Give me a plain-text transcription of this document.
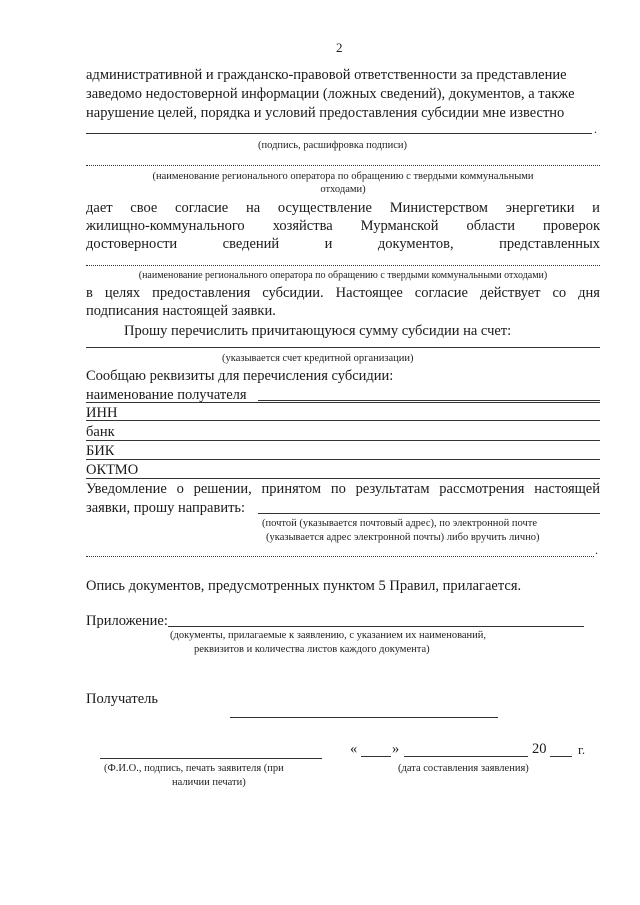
2
административной и гражданско-правовой ответственности за представление
заведомо недостоверной информации (ложных сведений), документов, а также
нарушение целей, порядка и условий предоставления субсидии мне известно
.
(подпись, расшифровка подписи)
(наименование регионального оператора по обращению с твердыми коммунальными
отходами)
дает свое согласие на осуществление Министерством энергетики и
жилищно-коммунального хозяйства Мурманской области проверок
достоверности	сведений	и	документов,	представленных
(наименование регионального оператора по обращению с твердыми коммунальными отходами)
в целях предоставления субсидии. Настоящее согласие действует со дня
подписания настоящей заявки.
Прошу перечислить причитающуюся сумму субсидии на счет:
(указывается счет кредитной организации)
Сообщаю реквизиты для перечисления субсидии:
наименование получателя
ИНН
банк
БИК
ОКТМО
Уведомление о решении, принятом по результатам рассмотрения настоящей
заявки, прошу направить:
(почтой (указывается почтовый адрес), по электронной почте
(указывается адрес электронной почты) либо вручить лично)
.
Опись документов, предусмотренных пунктом 5 Правил, прилагается.
Приложение:
(документы, прилагаемые к заявлению, с указанием их наименований,
реквизитов и количества листов каждого документа)
Получатель
(Ф.И.О., подпись, печать заявителя (при
наличии печати)
« »	20 г.
(дата составления заявления)
